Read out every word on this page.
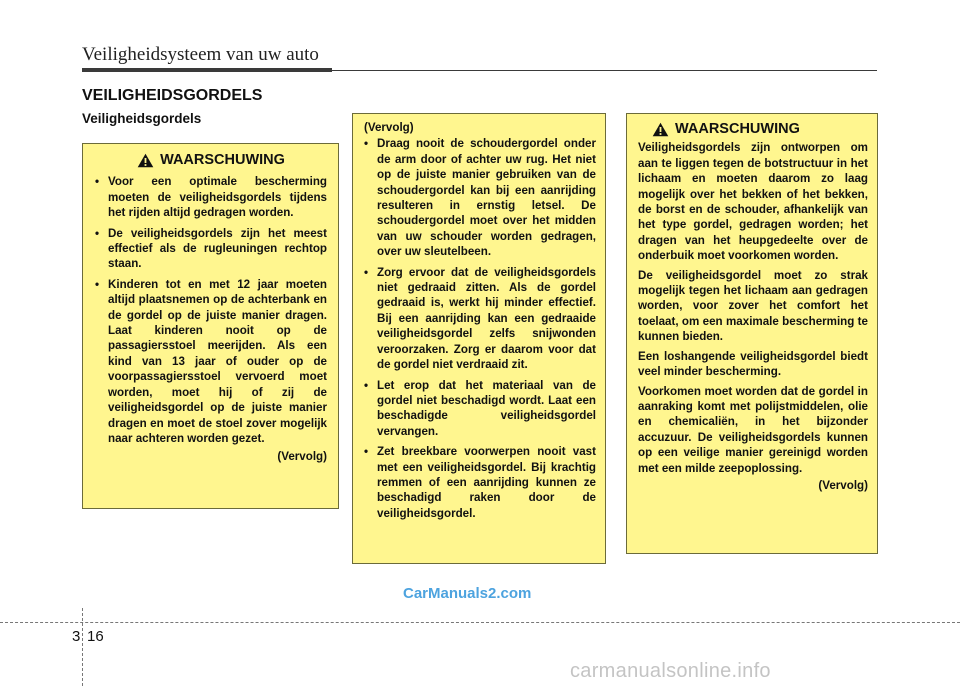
Veiligheidsysteem van uw auto
VEILIGHEIDSGORDELS
Veiligheidsgordels
WAARSCHUWING
• Voor een optimale bescherming moeten de veiligheidsgordels tijdens het rijden altijd gedragen worden.
• De veiligheidsgordels zijn het meest effectief als de rugleuningen rechtop staan.
• Kinderen tot en met 12 jaar moeten altijd plaatsnemen op de achterbank en de gordel op de juiste manier dragen. Laat kinderen nooit op de passagiersstoel meerijden. Als een kind van 13 jaar of ouder op de voorpassagiersstoel vervoerd moet worden, moet hij of zij de veiligheidsgordel op de juiste manier dragen en moet de stoel zover mogelijk naar achteren worden gezet.
(Vervolg)
(Vervolg)
• Draag nooit de schoudergordel onder de arm door of achter uw rug. Het niet op de juiste manier gebruiken van de schoudergordel kan bij een aanrijding resulteren in ernstig letsel. De schoudergordel moet over het midden van uw schouder worden gedragen, over uw sleutelbeen.
• Zorg ervoor dat de veiligheidsgordels niet gedraaid zitten. Als de gordel gedraaid is, werkt hij minder effectief. Bij een aanrijding kan een gedraaide veiligheidsgordel zelfs snijwonden veroorzaken. Zorg er daarom voor dat de gordel niet verdraaid zit.
• Let erop dat het materiaal van de gordel niet beschadigd wordt. Laat een beschadigde veiligheidsgordel vervangen.
• Zet breekbare voorwerpen nooit vast met een veiligheidsgordel. Bij krachtig remmen of een aanrijding kunnen ze beschadigd raken door de veiligheidsgordel.
WAARSCHUWING

Veiligheidsgordels zijn ontworpen om aan te liggen tegen de botstructuur in het lichaam en moeten daarom zo laag mogelijk over het bekken of het bekken, de borst en de schouder, afhankelijk van het type gordel, gedragen worden; het dragen van het heupgedeelte over de onderbuik moet voorkomen worden.

De veiligheidsgordel moet zo strak mogelijk tegen het lichaam aan gedragen worden, voor zover het comfort het toelaat, om een maximale bescherming te kunnen bieden.

Een loshangende veiligheidsgordel biedt veel minder bescherming.

Voorkomen moet worden dat de gordel in aanraking komt met polijstmiddelen, olie en chemicaliën, in het bijzonder accuzuur. De veiligheidsgordels kunnen op een veilige manier gereinigd worden met een milde zeepoplossing.

(Vervolg)
CarManuals2.com
3 16
carmanualsonline.info
